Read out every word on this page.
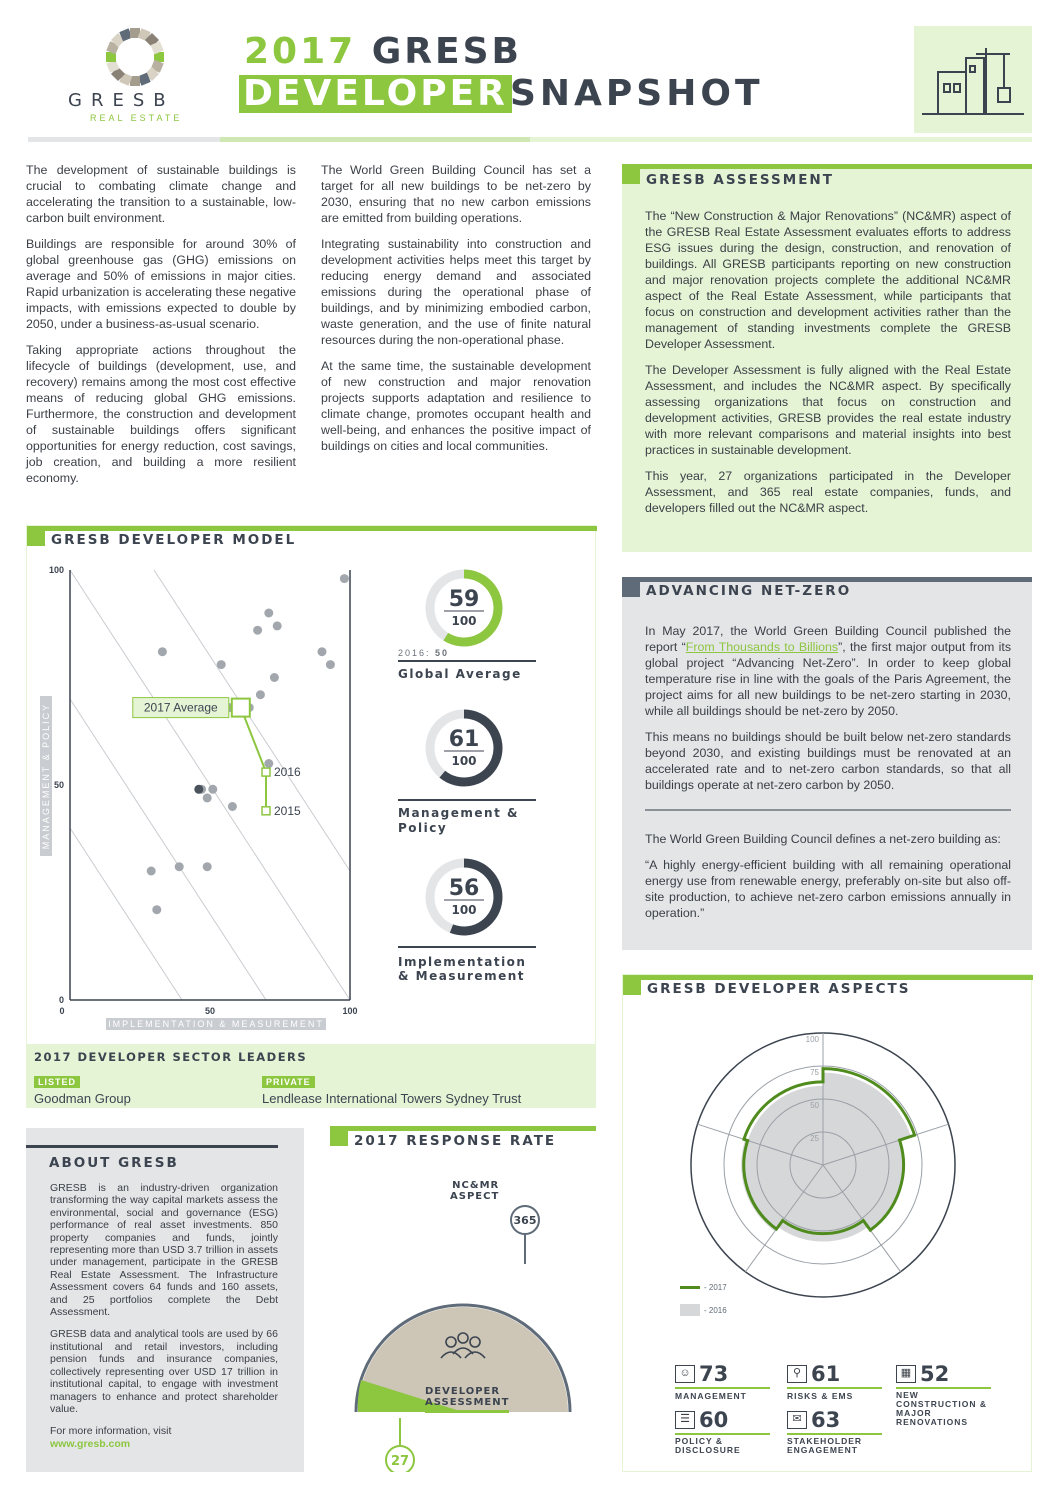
GRESB
REAL ESTATE
2017 GRESB
DEVELOPER SNAPSHOT

The development of sustainable buildings is crucial to combating climate change and accelerating the transition to a sustainable, low-carbon built environment.

Buildings are responsible for around 30% of global greenhouse gas (GHG) emissions on average and 50% of emissions in major cities. Rapid urbanization is accelerating these negative impacts, with emissions expected to double by 2050, under a business-as-usual scenario.

Taking appropriate actions throughout the lifecycle of buildings (development, use, and recovery) remains among the most cost effective means of reducing global GHG emissions. Furthermore, the construction and development of sustainable buildings offers significant opportunities for energy reduction, cost savings, job creation, and building a more resilient economy.

The World Green Building Council has set a target for all new buildings to be net-zero by 2030, ensuring that no new carbon emissions are emitted from building operations.

Integrating sustainability into construction and development activities helps meet this target by reducing energy demand and associated emissions during the operational phase of buildings, and by minimizing embodied carbon, waste generation, and the use of finite natural resources during the non-operational phase.

At the same time, the sustainable development of new construction and major renovation projects supports adaptation and resilience to climate change, promotes occupant health and well-being, and enhances the positive impact of buildings on cities and local communities.

GRESB ASSESSMENT

The “New Construction & Major Renovations” (NC&MR) aspect of the GRESB Real Estate Assessment evaluates efforts to address ESG issues during the design, construction, and renovation of buildings. All GRESB participants reporting on new construction and major renovation projects complete the additional NC&MR aspect of the Real Estate Assessment, while participants that focus on construction and development activities rather than the management of standing investments complete the GRESB Developer Assessment.

The Developer Assessment is fully aligned with the Real Estate Assessment, and includes the NC&MR aspect. By specifically assessing organizations that focus on construction and development activities, GRESB provides the real estate industry with more relevant comparisons and material insights into best practices in sustainable development.

This year, 27 organizations participated in the Developer Assessment, and 365 real estate companies, funds, and developers filled out the NC&MR aspect.

ADVANCING NET-ZERO

In May 2017, the World Green Building Council published the report “From Thousands to Billions”, the first major output from its global project “Advancing Net-Zero”. In order to keep global temperature rise in line with the goals of the Paris Agreement, the project aims for all new buildings to be net-zero starting in 2030, while all buildings should be net-zero by 2050.

This means no buildings should be built below net-zero standards beyond 2030, and existing buildings must be renovated at an accelerated rate and to net-zero carbon standards, so that all buildings operate at net-zero carbon by 2050.

The World Green Building Council defines a net-zero building as:

“A highly energy-efficient building with all remaining operational energy use from renewable energy, preferably on-site but also off-site production, to achieve net-zero carbon emissions annually in operation.”

GRESB DEVELOPER MODEL
100
50
0
50	100
0
2017 Average
2016
2015
MANAGEMENT & POLICY
IMPLEMENTATION & MEASUREMENT
59
100
2016: 50
Global Average
61
100
Management & Policy
56
100
Implementation & Measurement
2017 DEVELOPER SECTOR LEADERS
LISTED
Goodman Group
PRIVATE
Lendlease International Towers Sydney Trust
ABOUT GRESB

GRESB is an industry-driven organization transforming the way capital markets assess the environmental, social and governance (ESG) performance of real asset investments. 850 property companies and funds, jointly representing more than USD 3.7 trillion in assets under management, participate in the GRESB Real Estate Assessment. The Infrastructure Assessment covers 64 funds and 160 assets, and 25 portfolios complete the Debt Assessment.

GRESB data and analytical tools are used by 66 institutional and retail investors, including pension funds and insurance companies, collectively representing over USD 17 trillion in institutional capital, to engage with investment managers to enhance and protect shareholder value.

For more information, visit

www.gresb.com
2017 RESPONSE RATE
NC&MR
ASPECT
365
27
DEVELOPER
ASSESSMENT
GRESB DEVELOPER ASPECTS
100
75
50
25
- 2017
- 2016
☺ 73
MANAGEMENT
⚲ 61
RISKS & EMS
▦ 52
NEW CONSTRUCTION & MAJOR RENOVATIONS
☰ 60
POLICY & DISCLOSURE
✉ 63
STAKEHOLDER ENGAGEMENT
